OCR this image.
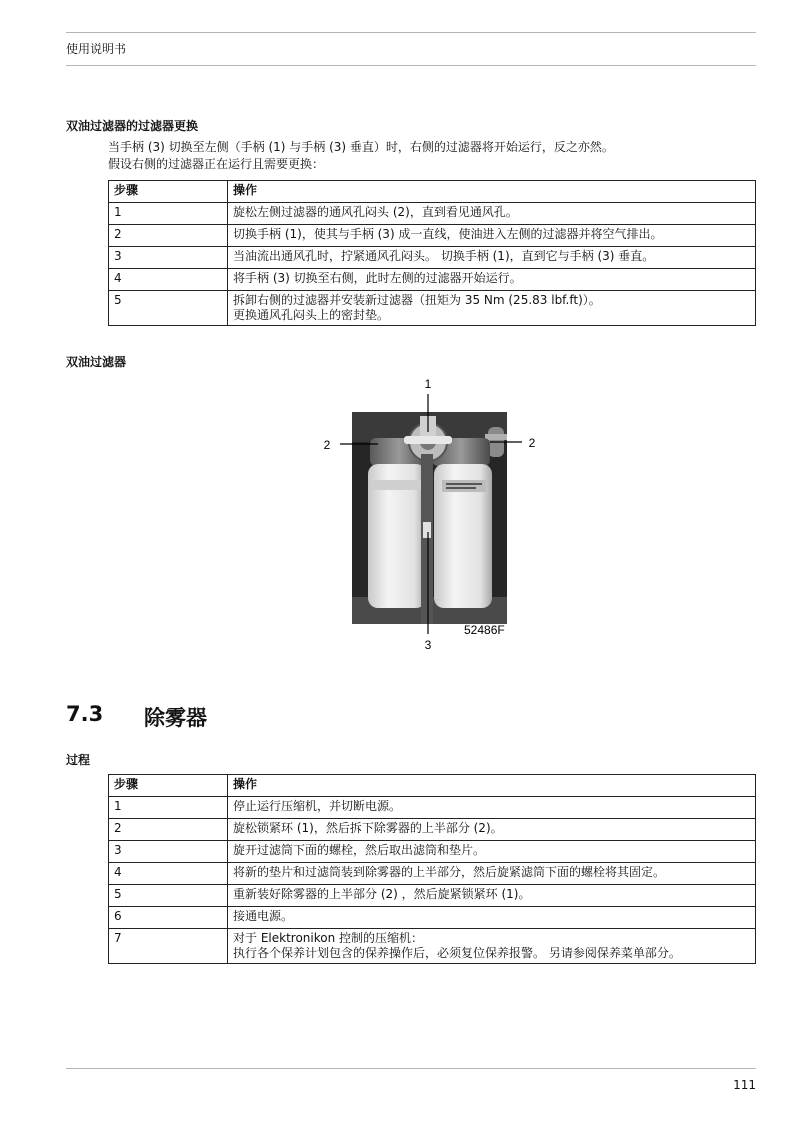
使用说明书
双油过滤器的过滤器更换
当手柄 (3) 切换至左侧（手柄 (1) 与手柄 (3) 垂直）时，右侧的过滤器将开始运行，反之亦然。
假设右侧的过滤器正在运行且需要更换：
步骤	操作
1	旋松左侧过滤器的通风孔闷头 (2)，直到看见通风孔。

2	切换手柄 (1)，使其与手柄 (3) 成一直线，使油进入左侧的过滤器并将空气排出。

3	当油流出通风孔时，拧紧通风孔闷头。 切换手柄 (1)，直到它与手柄 (3) 垂直。

4	将手柄 (3) 切换至右侧，此时左侧的过滤器开始运行。

5	拆卸右侧的过滤器并安装新过滤器（扭矩为 35 Nm (25.83 lbf.ft)）。
更换通风孔闷头上的密封垫。
双油过滤器
1
2	2
3
52486F
7.3 除雾器
过程
步骤	操作
1	停止运行压缩机，并切断电源。

2	旋松锁紧环 (1)，然后拆下除雾器的上半部分 (2)。

3	旋开过滤筒下面的螺栓，然后取出滤筒和垫片。

4	将新的垫片和过滤筒装到除雾器的上半部分，然后旋紧滤筒下面的螺栓将其固定。

5	重新装好除雾器的上半部分 (2) ，然后旋紧锁紧环 (1)。

6	接通电源。

7	对于 Elektronikon 控制的压缩机：
执行各个保养计划包含的保养操作后，必须复位保养报警。 另请参阅保养菜单部分。
111
